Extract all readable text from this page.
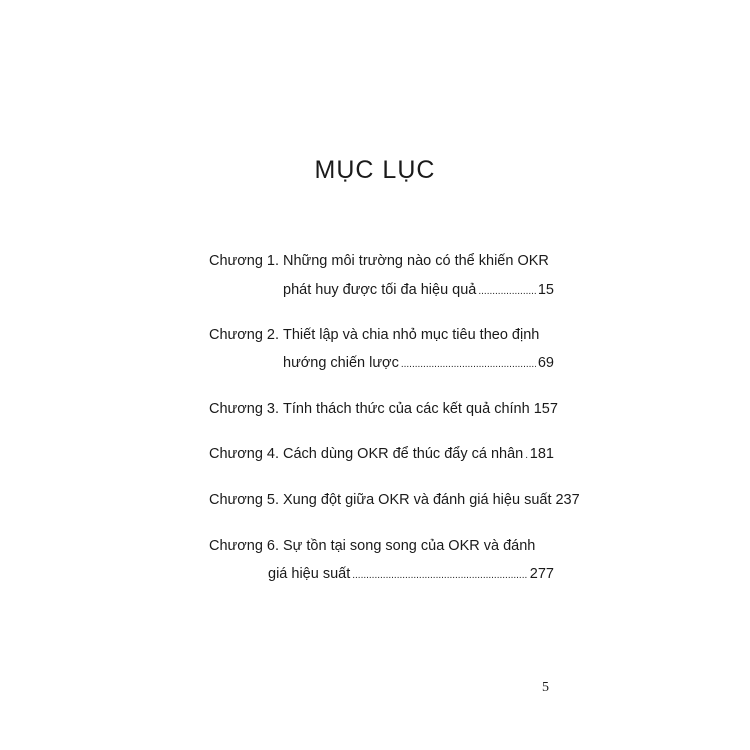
MỤC LỤC
Chương 1. Những môi trường nào có thể khiến OKR
phát huy được tối đa hiệu quả .....	15
Chương 2. Thiết lập và chia nhỏ mục tiêu theo định
hướng chiến lược .....	69
Chương 3. Tính thách thức của các kết quả chính 157
Chương 4. Cách dùng OKR để thúc đẩy cá nhân ..... 181
Chương 5. Xung đột giữa OKR và đánh giá hiệu suất 237
Chương 6. Sự tồn tại song song của OKR và đánh
giá hiệu suất .....	277
5
